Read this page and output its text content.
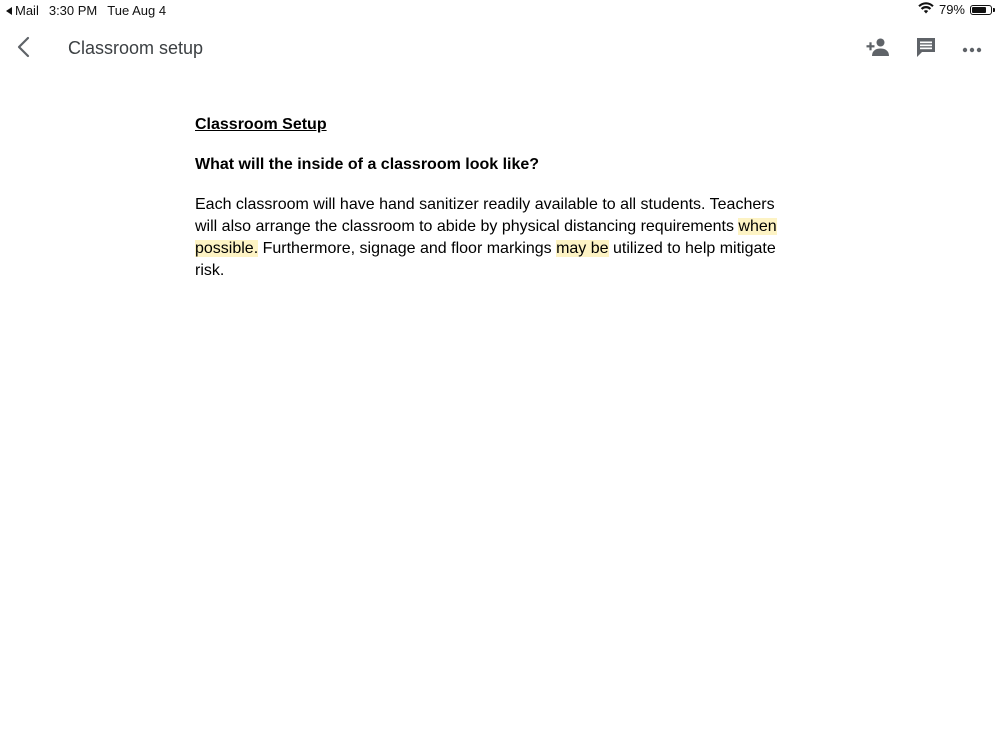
Mail 3:30 PM Tue Aug 4	79%
Classroom setup

Classroom Setup

What will the inside of a classroom look like?

Each classroom will have hand sanitizer readily available to all students. Teachers will also arrange the classroom to abide by physical distancing requirements when possible. Furthermore, signage and floor markings may be utilized to help mitigate risk.
